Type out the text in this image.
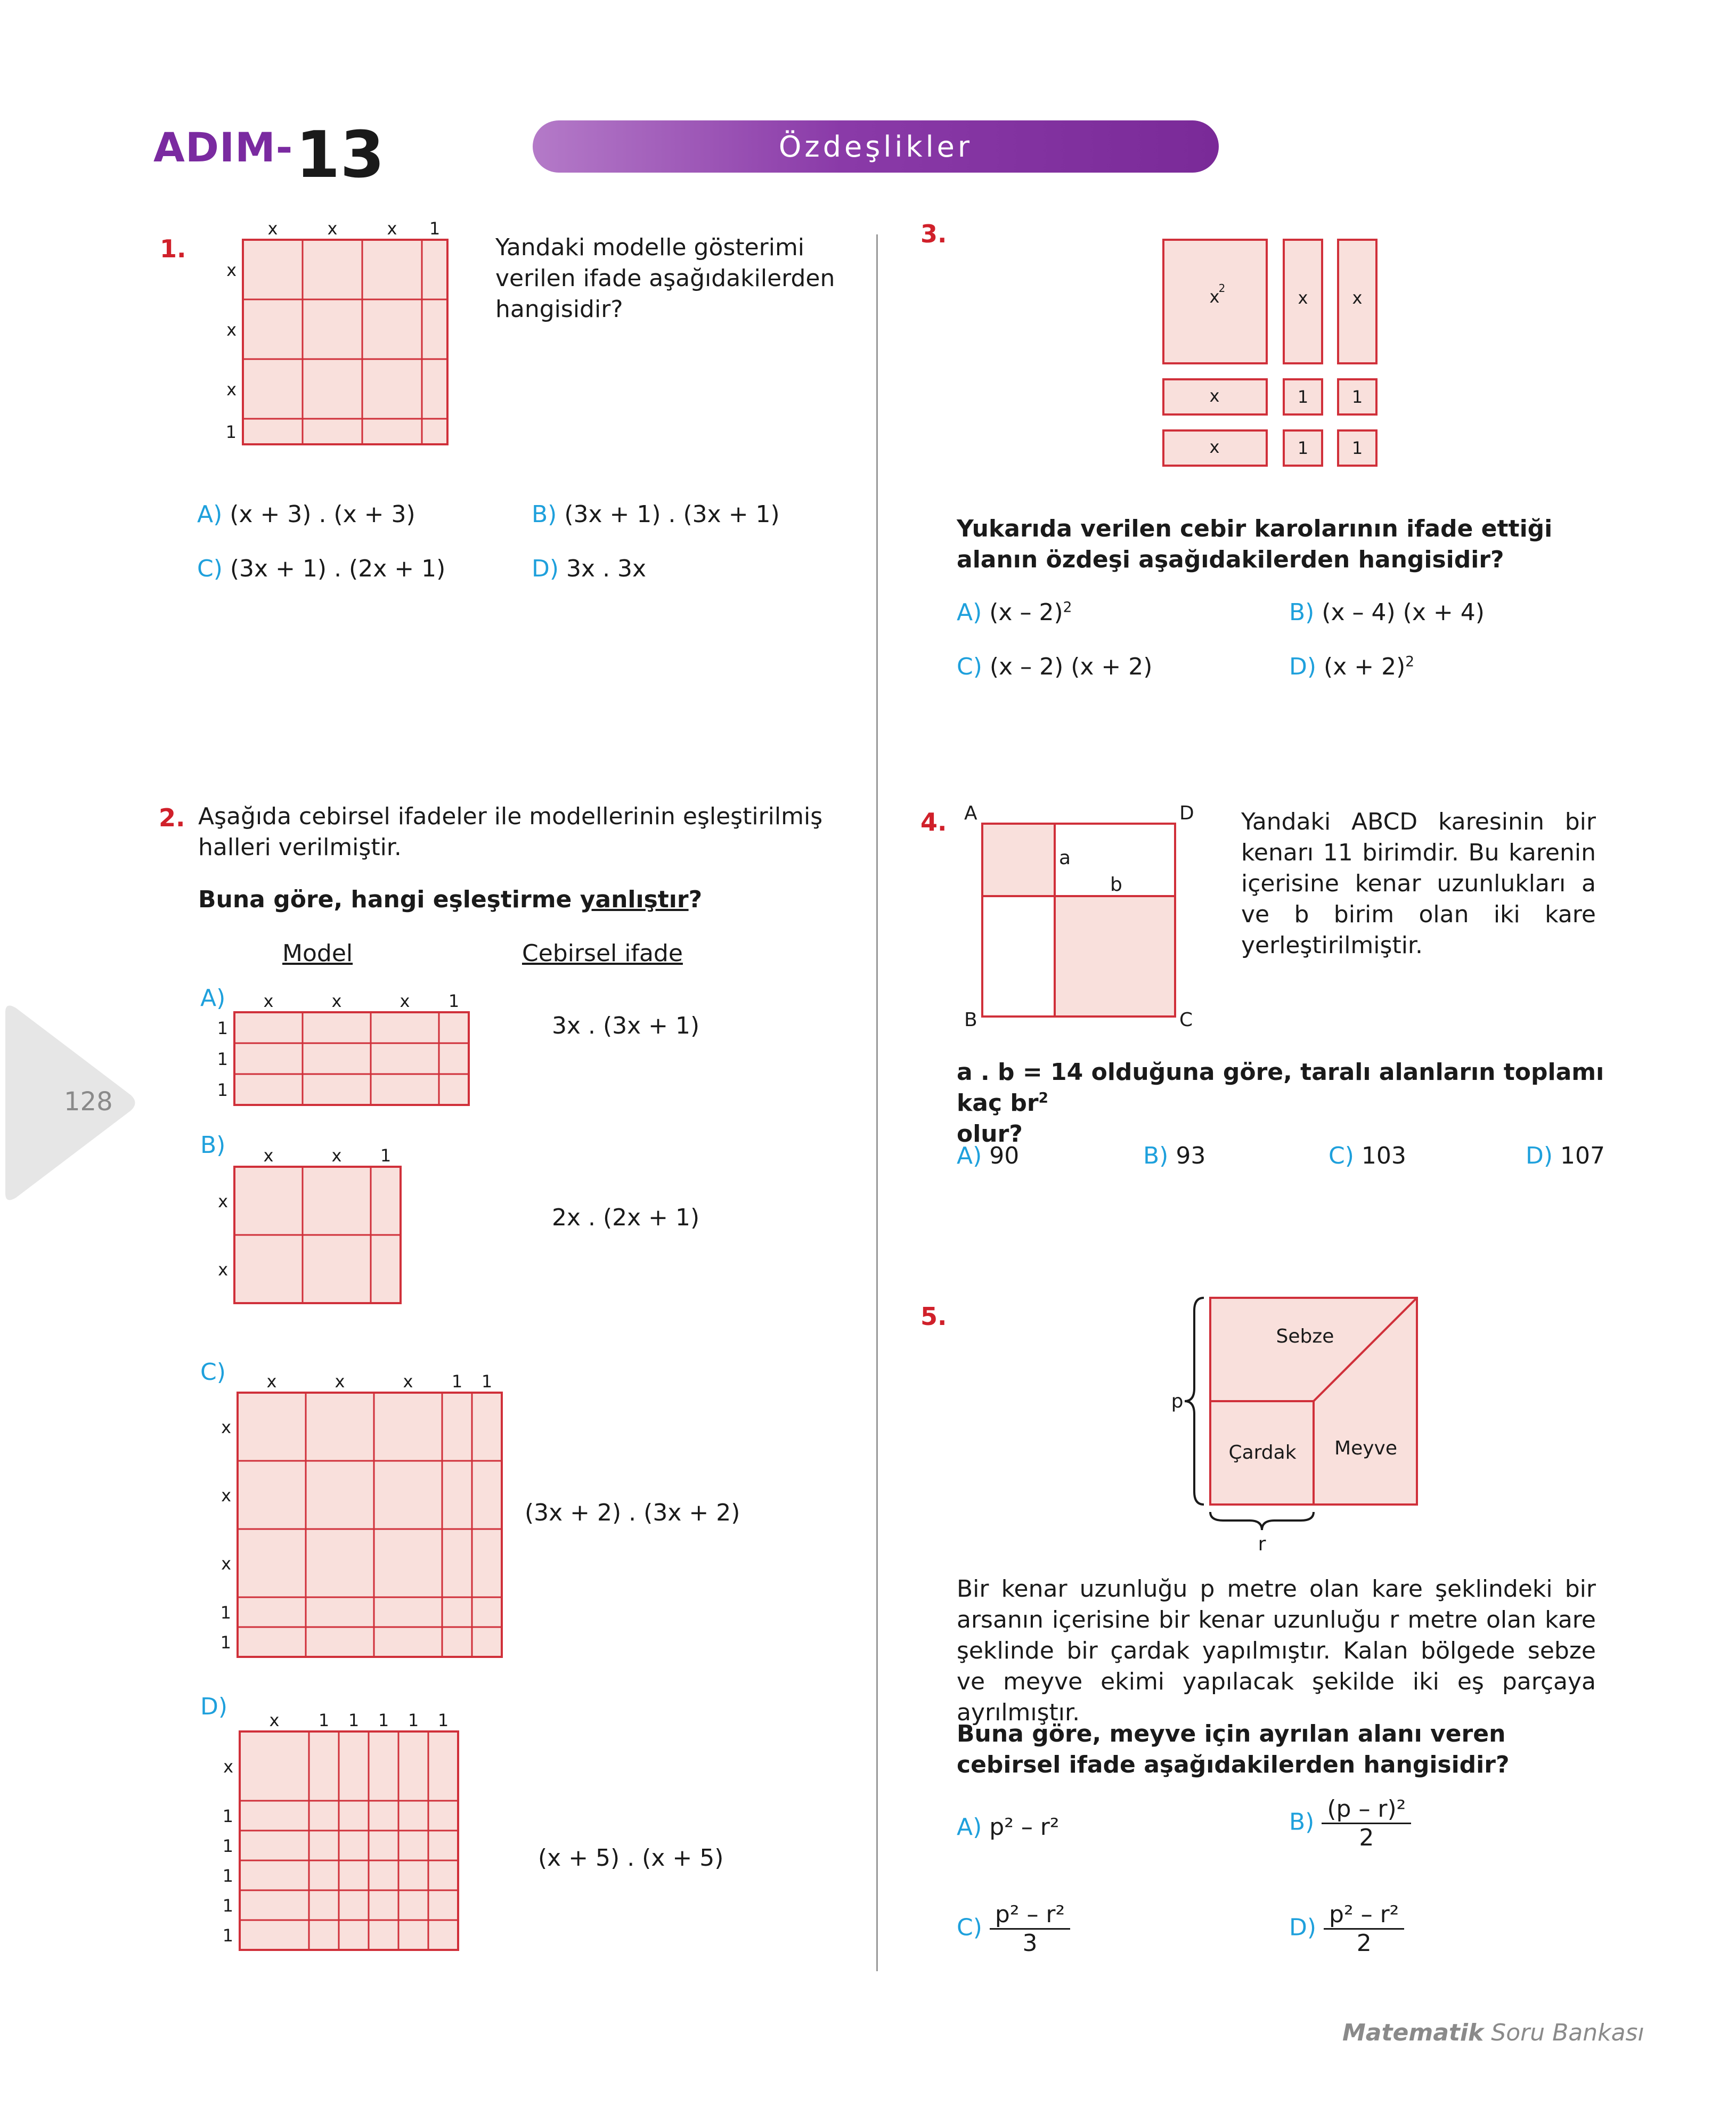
ADIM- 13	Özdeşlikler
128
1.
x	x	x 1
x
x
x
1
Yandaki modelle gösterimi verilen ifade aşağıdakilerden hangisidir?
A) (x + 3) . (x + 3)	B) (3x + 1) . (3x + 1)
C) (3x + 1) . (2x + 1)	D) 3x . 3x
2. Aşağıda cebirsel ifadeler ile modellerinin eşleştirilmiş halleri verilmiştir.
Buna göre, hangi eşleştirme yanlıştır?
Model	Cebirsel ifade
A) x	x	x 1
1
1
1
3x . (3x + 1)
B) x	x 1
x
x
2x . (2x + 1)
C) x	x	x 1 1
x
x
x
1
1
(3x + 2) . (3x + 2)
D) x 1 1 1 1 1
x
1
1
1
1
1
(x + 5) . (x + 5)
3.
x
2	x	x
x	1	1
x	1	1
Yukarıda verilen cebir karolarının ifade ettiği alanın özdeşi aşağıdakilerden hangisidir?
A) (x – 2)$^2$	B) (x – 4) (x + 4)
C) (x – 2) (x + 2)	D) $(x + 2)^2$
4. A	D
B	C
a
b
Yandaki ABCD karesinin bir kenarı 11 birimdir. Bu karenin içerisine kenar uzunlukları a ve b birim olan iki kare yerleştirilmiştir.
a . b = 14 olduğuna göre, taralı alanların toplamı kaç $br^2$
olur?
A) 90	B) 93	C) 103	D) 107
5.
Sebze
Çardak Meyve
p
r
Bir kenar uzunluğu p metre olan kare şeklindeki bir arsanın içerisine bir kenar uzunluğu r metre olan kare şeklinde bir çardak yapılmıştır. Kalan bölgede sebze ve meyve ekimi yapılacak şekilde iki eş parçaya ayrılmıştır.
Buna göre, meyve için ayrılan alanı veren cebirsel ifade aşağıdakilerden hangisidir?
A) p² – r²	$B) \frac{\text{(p – r)²}}{2}$
$C) \frac{\text{p² – r²}}{3}$	$D) \frac{\text{p² – r²}}{2}$
Matematik Soru Bankası
